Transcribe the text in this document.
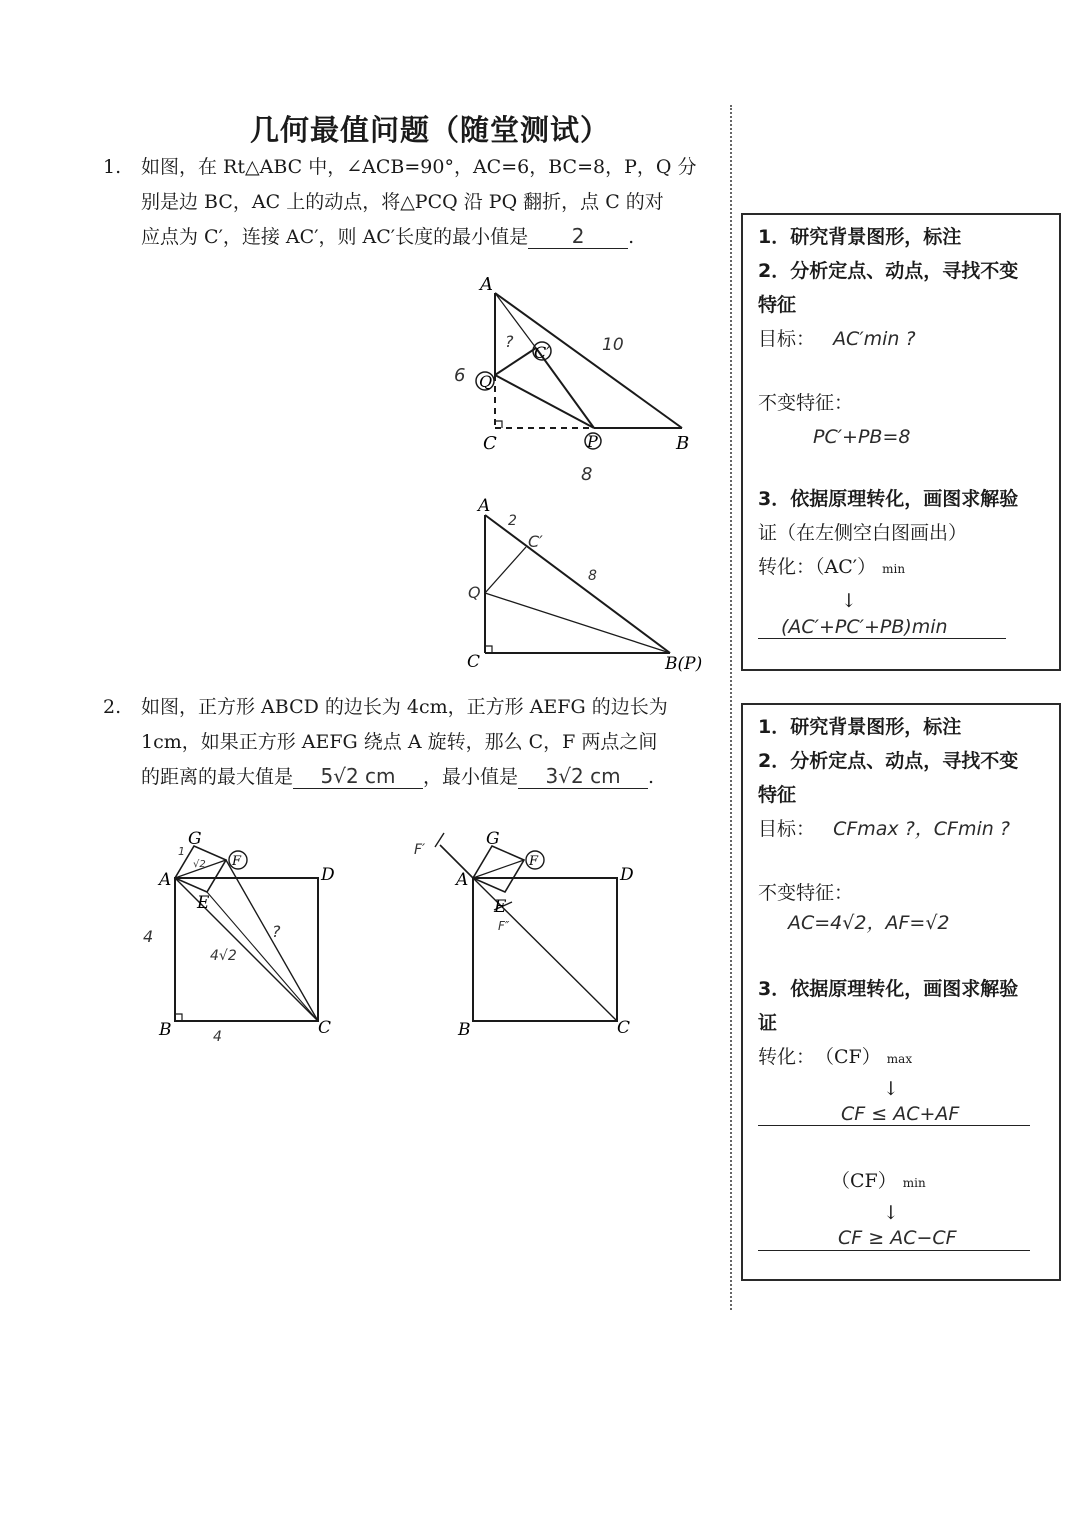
几何最值问题（随堂测试）
1. 如图，在 Rt△ABC 中，∠ACB=90°，AC=6，BC=8，P，Q 分
别是边 BC，AC 上的动点，将△PCQ 沿 PQ 翻折，点 C 的对
应点为 C′，连接 AC′，则 AC′长度的最小值是 2 .
A
B
C	P
Q
C′	10
6
8
?
A
B(P)
C
Q
C′
2
8
2. 如图，正方形 ABCD 的边长为 4cm，正方形 AEFG 的边长为
1cm，如果正方形 AEFG 绕点 A 旋转，那么 C，F 两点之间
的距离的最大值是 5√2 cm ，最小值是 3√2 cm .
A
B	C
D
E
F
G
4
4
4√2
?
1
√2
A
B	C
D
E
F
G
F′
F″
1．研究背景图形，标注
2．分析定点、动点，寻找不变
特征
目标： AC′min ?
不变特征：
PC′+PB=8
3．依据原理转化，画图求解验
证（在左侧空白图画出）
转化：（AC′） min
↓
(AC′+PC′+PB)min
1．研究背景图形，标注
2．分析定点、动点，寻找不变
特征
目标： CFmax ?，CFmin ?
不变特征：
AC=4√2，AF=√2
3．依据原理转化，画图求解验
证
转化：　（CF） max
↓
CF ≤ AC+AF
（CF） min
↓
CF ≥ AC−CF
